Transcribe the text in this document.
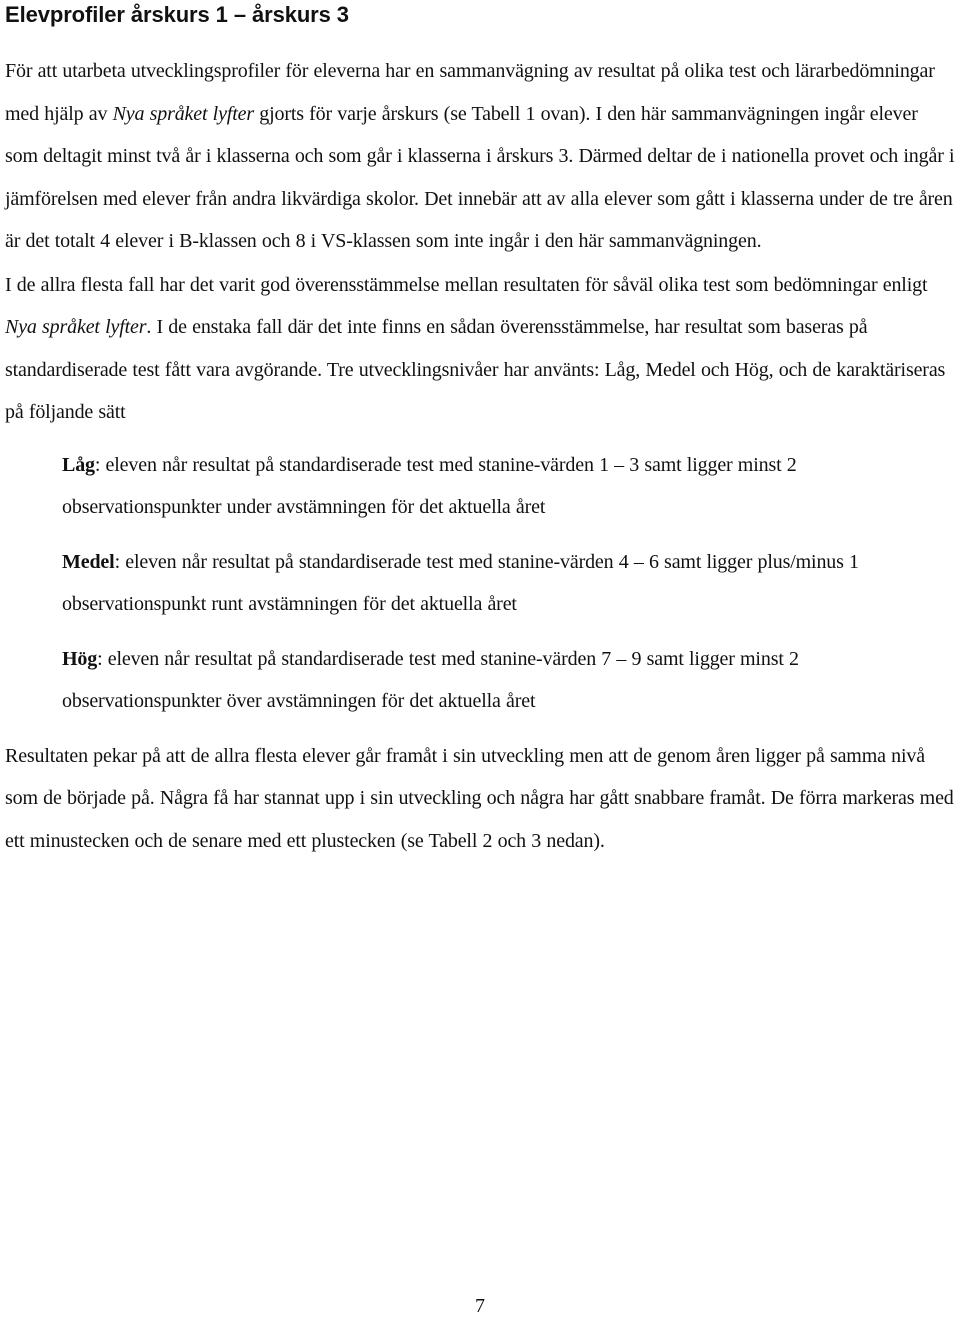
Elevprofiler årskurs 1 – årskurs 3

För att utarbeta utvecklingsprofiler för eleverna har en sammanvägning av resultat på olika test och lärarbedömningar med hjälp av Nya språket lyfter gjorts för varje årskurs (se Tabell 1 ovan). I den här sammanvägningen ingår elever som deltagit minst två år i klasserna och som går i klasserna i årskurs 3. Därmed deltar de i nationella provet och ingår i jämförelsen med elever från andra likvärdiga skolor. Det innebär att av alla elever som gått i klasserna under de tre åren är det totalt 4 elever i B-klassen och 8 i VS-klassen som inte ingår i den här sammanvägningen.

I de allra flesta fall har det varit god överensstämmelse mellan resultaten för såväl olika test som bedömningar enligt Nya språket lyfter. I de enstaka fall där det inte finns en sådan överensstämmelse, har resultat som baseras på standardiserade test fått vara avgörande. Tre utvecklingsnivåer har använts: Låg, Medel och Hög, och de karaktäriseras på följande sätt

Låg: eleven når resultat på standardiserade test med stanine-värden 1 – 3 samt ligger minst 2 observationspunkter under avstämningen för det aktuella året

Medel: eleven når resultat på standardiserade test med stanine-värden 4 – 6 samt ligger plus/minus 1 observationspunkt runt avstämningen för det aktuella året

Hög: eleven når resultat på standardiserade test med stanine-värden 7 – 9 samt ligger minst 2 observationspunkter över avstämningen för det aktuella året

Resultaten pekar på att de allra flesta elever går framåt i sin utveckling men att de genom åren ligger på samma nivå som de började på. Några få har stannat upp i sin utveckling och några har gått snabbare framåt. De förra markeras med ett minustecken och de senare med ett plustecken (se Tabell 2 och 3 nedan).

7
